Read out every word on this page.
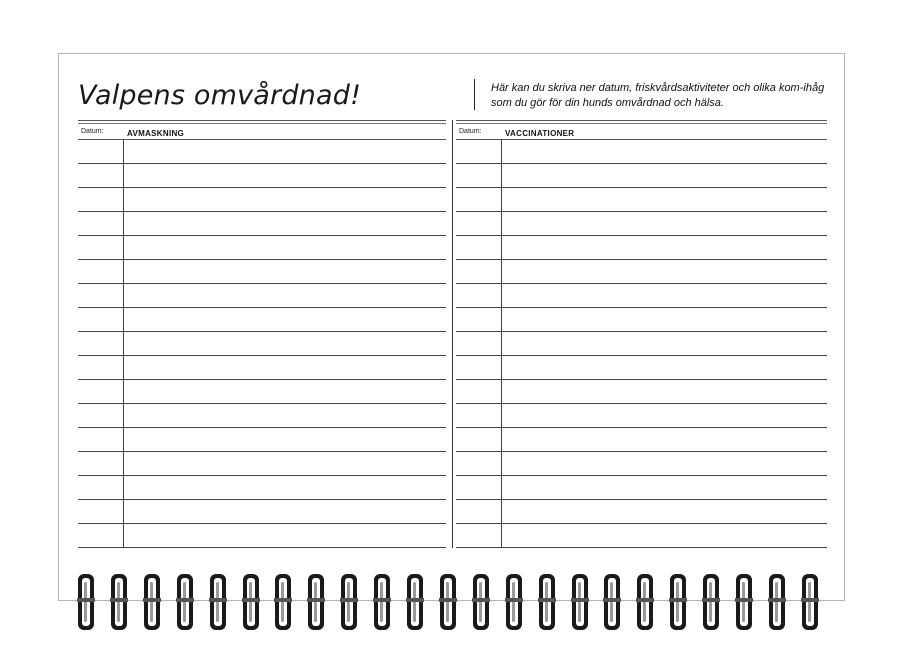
Valpens omvårdnad!	Här kan du skriva ner datum, friskvårdsaktiviteter och olika kom-ihåg som du gör för din hunds omvårdnad och hälsa.
Datum:	AVMASKNING	Datum:	VACCINATIONER
